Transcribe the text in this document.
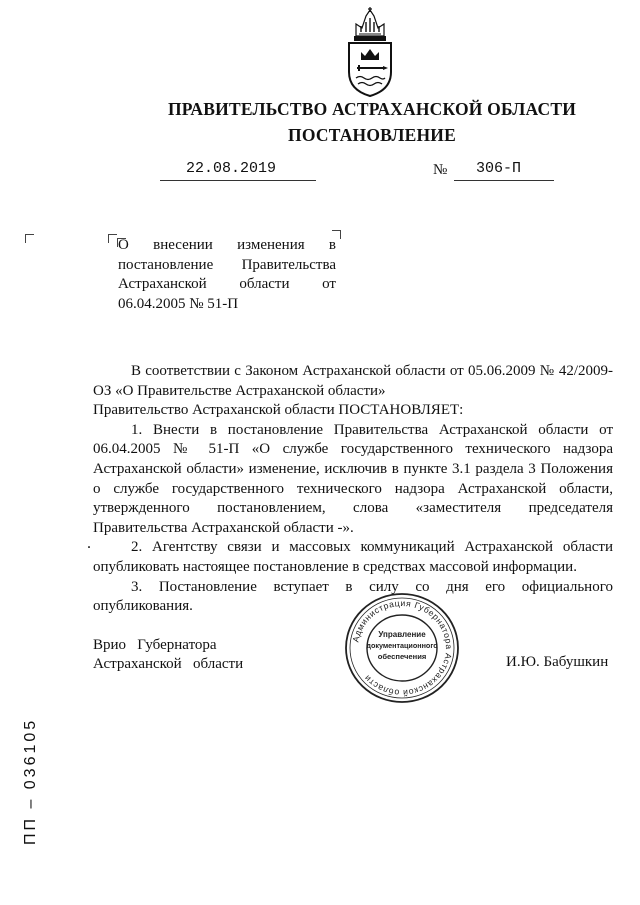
ПРАВИТЕЛЬСТВО АСТРАХАНСКОЙ ОБЛАСТИ
ПОСТАНОВЛЕНИЕ
22.08.2019	№ 306-П
О внесении изменения в постановление Правительства Астраханской области от 06.04.2005 № 51-П

В соответствии с Законом Астраханской области от 05.06.2009 № 42/2009-ОЗ «О Правительстве Астраханской области»

Правительство Астраханской области ПОСТАНОВЛЯЕТ:

1. Внести в постановление Правительства Астраханской области от 06.04.2005 № 51-П «О службе государственного технического надзора Астраханской области» изменение, исключив в пункте 3.1 раздела 3 Положения о службе государственного технического надзора Астраханской области, утвержденного постановлением, слова «заместителя председателя Правительства Астраханской области -».

2. Агентству связи и массовых коммуникаций Астраханской области опубликовать настоящее постановление в средствах массовой информации.

3. Постановление вступает в силу со дня его официального опубликования.

.
Врио   Губернатора
Астраханской   области	И.Ю. Бабушкин
Администрация Губернатора Астраханской области
Управление
документационного
обеспечения
ПП – 036105
